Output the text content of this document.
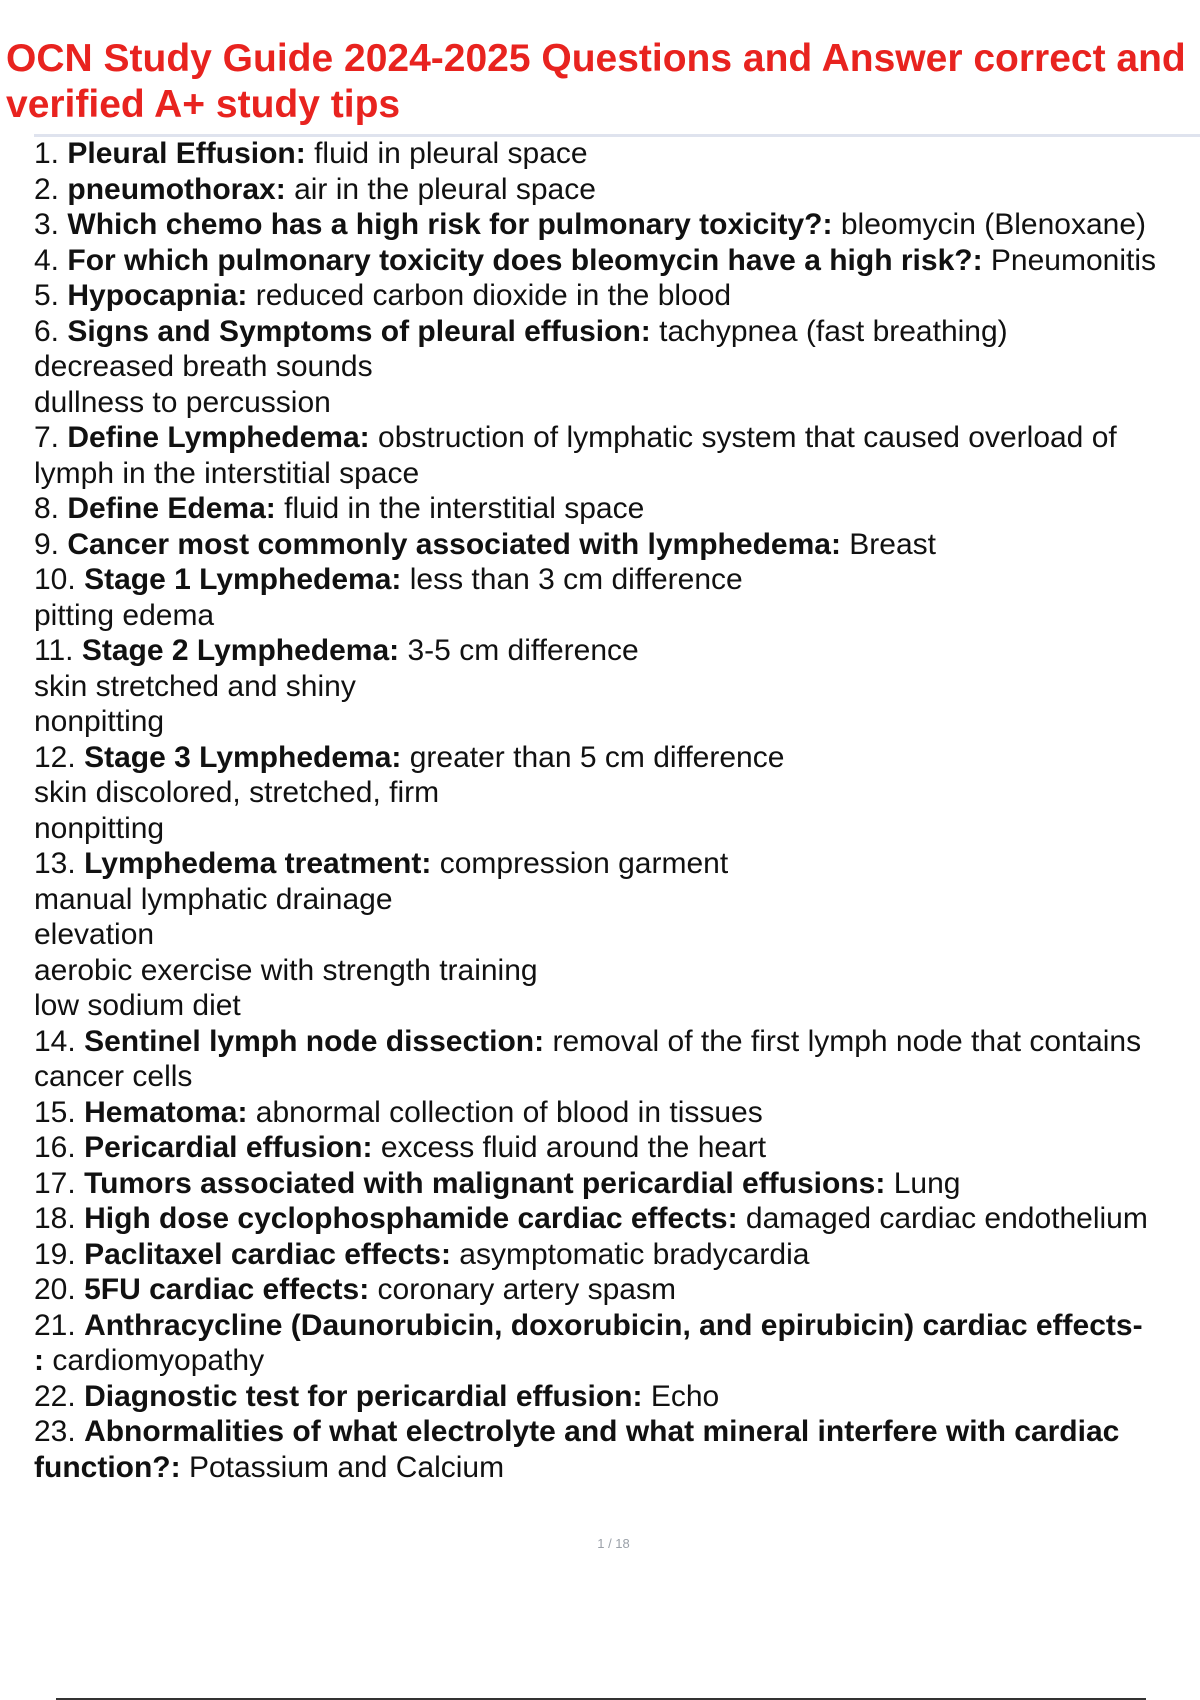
OCN Study Guide 2024-2025 Questions and Answer correct and
verified A+ study tips
1. Pleural Effusion: fluid in pleural space
2. pneumothorax: air in the pleural space
3. Which chemo has a high risk for pulmonary toxicity?: bleomycin (Blenoxane)
4. For which pulmonary toxicity does bleomycin have a high risk?: Pneumonitis
5. Hypocapnia: reduced carbon dioxide in the blood
6. Signs and Symptoms of pleural effusion: tachypnea (fast breathing)
decreased breath sounds
dullness to percussion
7. Define Lymphedema: obstruction of lymphatic system that caused overload of
lymph in the interstitial space
8. Define Edema: fluid in the interstitial space
9. Cancer most commonly associated with lymphedema: Breast
10. Stage 1 Lymphedema: less than 3 cm difference
pitting edema
11. Stage 2 Lymphedema: 3-5 cm difference
skin stretched and shiny
nonpitting
12. Stage 3 Lymphedema: greater than 5 cm difference
skin discolored, stretched, firm
nonpitting
13. Lymphedema treatment: compression garment
manual lymphatic drainage
elevation
aerobic exercise with strength training
low sodium diet
14. Sentinel lymph node dissection: removal of the first lymph node that contains
cancer cells
15. Hematoma: abnormal collection of blood in tissues
16. Pericardial effusion: excess fluid around the heart
17. Tumors associated with malignant pericardial effusions: Lung
18. High dose cyclophosphamide cardiac effects: damaged cardiac endothelium
19. Paclitaxel cardiac effects: asymptomatic bradycardia
20. 5FU cardiac effects: coronary artery spasm
21. Anthracycline (Daunorubicin, doxorubicin, and epirubicin) cardiac effects-
: cardiomyopathy
22. Diagnostic test for pericardial effusion: Echo
23. Abnormalities of what electrolyte and what mineral interfere with cardiac
function?: Potassium and Calcium
1 / 18
